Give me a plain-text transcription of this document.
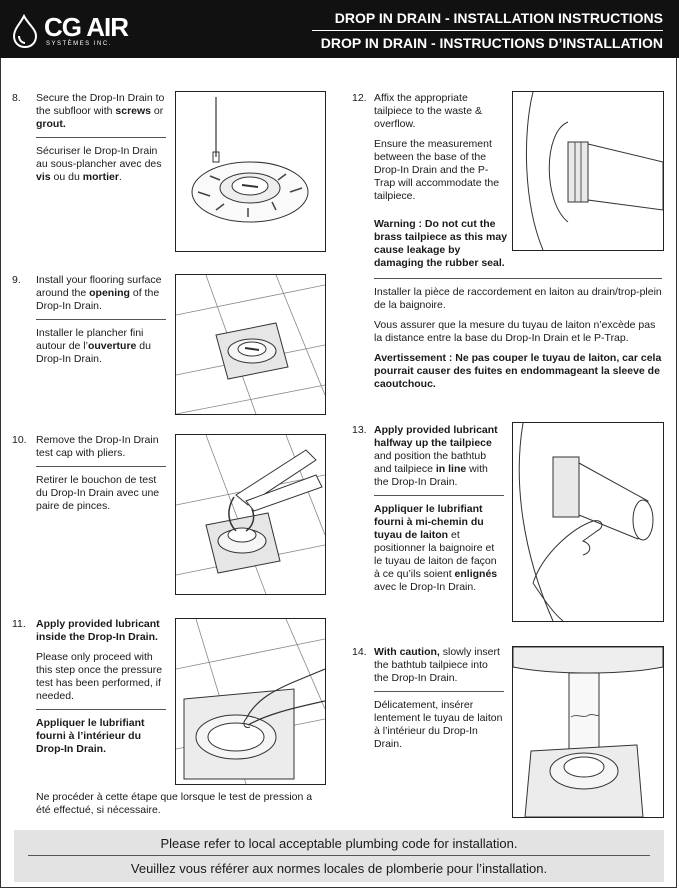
CG AIR
SYSTÈMES INC.
DROP IN DRAIN - INSTALLATION INSTRUCTIONS
DROP IN DRAIN - INSTRUCTIONS D’INSTALLATION
8. Secure the Drop-In Drain to the subfloor with screws or grout.

Sécuriser le Drop-In Drain au sous-plancher avec des vis ou du mortier.

9. Install your flooring surface around the opening of the Drop-In Drain.

Installer le plancher fini autour de l’ouverture du Drop-In Drain.

10. Remove the Drop-In Drain test cap with pliers.

Retirer le bouchon de test du Drop-In Drain avec une paire de pinces.

11. Apply provided lubricant inside the Drop-In Drain.

Please only proceed with this step once the pressure test has been performed, if needed.

Appliquer le lubrifiant fourni à l’intérieur du Drop-In Drain.

Ne procéder à cette étape que lorsque le test de pression a été effectué, si nécessaire.
12. Affix the appropriate tailpiece to the waste & overflow.

Ensure the measurement between the base of the Drop-In Drain and the P-Trap will accommodate the tailpiece.

Warning : Do not cut the brass tailpiece as this may cause leakage by damaging the rubber seal.

Installer la pièce de raccordement en laiton au drain/trop-plein de la baignoire.

Vous assurer que la mesure du tuyau de laiton n’excède pas la distance entre la base du Drop-In Drain et le P-Trap.

Avertissement : Ne pas couper le tuyau de laiton, car cela pourrait causer des fuites en endommageant la sleeve de caoutchouc.

13. Apply provided lubricant halfway up the tailpiece and position the bathtub and tailpiece in line with the Drop-In Drain.

Appliquer le lubrifiant fourni à mi-chemin du tuyau de laiton et positionner la baignoire et le tuyau de laiton de façon à ce qu’ils soient enlignés avec le Drop-In Drain.

14. With caution, slowly insert the bathtub tailpiece into the Drop-In Drain.

Délicatement, insérer lentement le tuyau de laiton à l’intérieur du Drop-In Drain.

Please refer to local acceptable plumbing code for installation.
Veuillez vous référer aux normes locales de plomberie pour l’installation.
